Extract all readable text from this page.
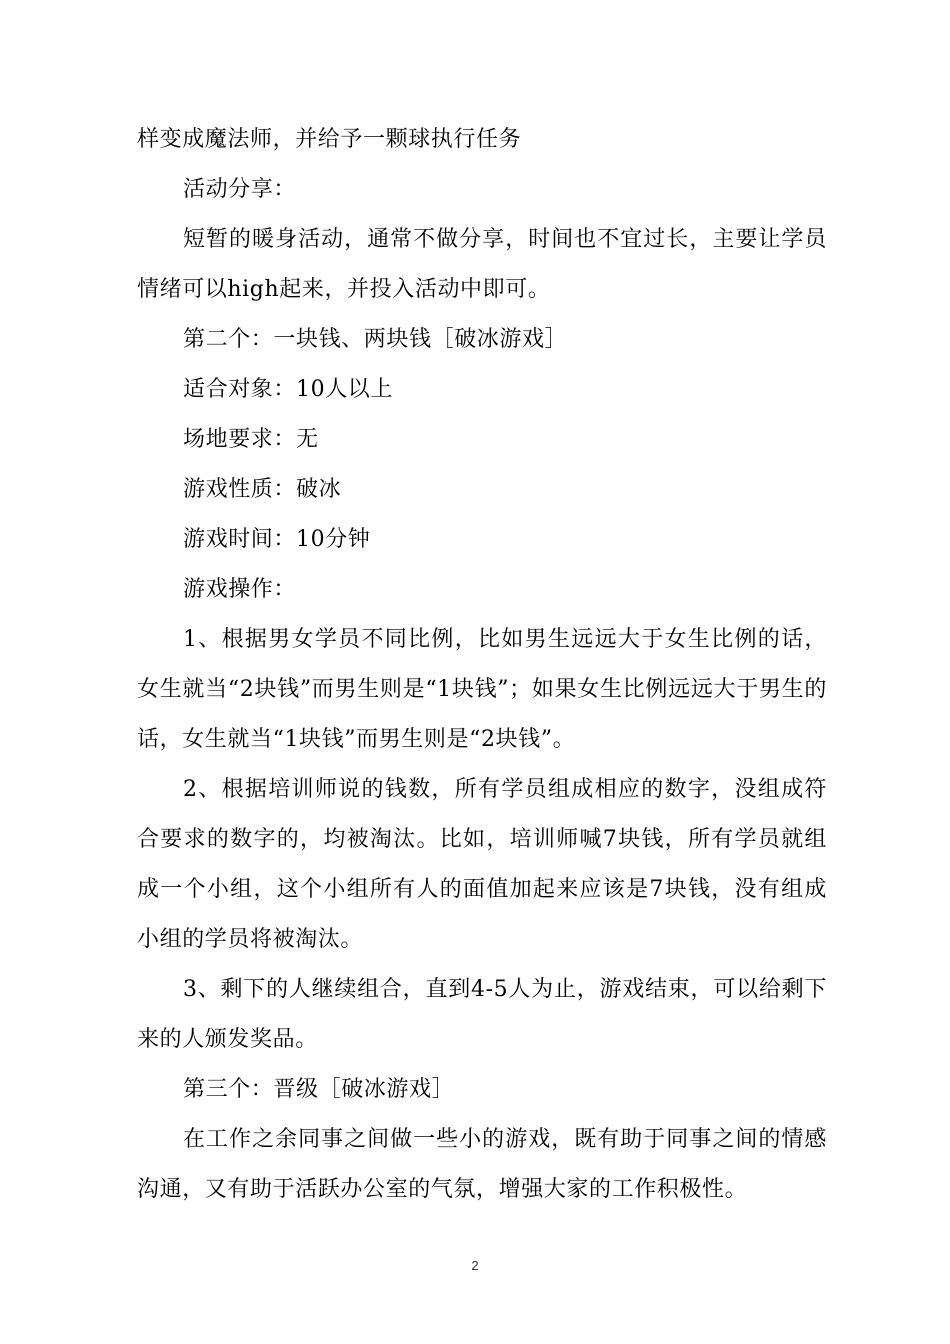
样变成魔法师，并给予一颗球执行任务

活动分享：

短暂的暖身活动，通常不做分享，时间也不宜过长，主要让学员情绪可以high起来，并投入活动中即可。

第二个：一块钱、两块钱［破冰游戏］

适合对象：10人以上

场地要求：无

游戏性质：破冰

游戏时间：10分钟

游戏操作：

1、根据男女学员不同比例，比如男生远远大于女生比例的话，女生就当“2块钱”而男生则是“1块钱”；如果女生比例远远大于男生的话，女生就当“1块钱”而男生则是“2块钱”。

2、根据培训师说的钱数，所有学员组成相应的数字，没组成符合要求的数字的，均被淘汰。比如，培训师喊7块钱，所有学员就组成一个小组，这个小组所有人的面值加起来应该是7块钱，没有组成小组的学员将被淘汰。

3、剩下的人继续组合，直到4-5人为止，游戏结束，可以给剩下来的人颁发奖品。

第三个：晋级［破冰游戏］

在工作之余同事之间做一些小的游戏，既有助于同事之间的情感沟通，又有助于活跃办公室的气氛，增强大家的工作积极性。

2
